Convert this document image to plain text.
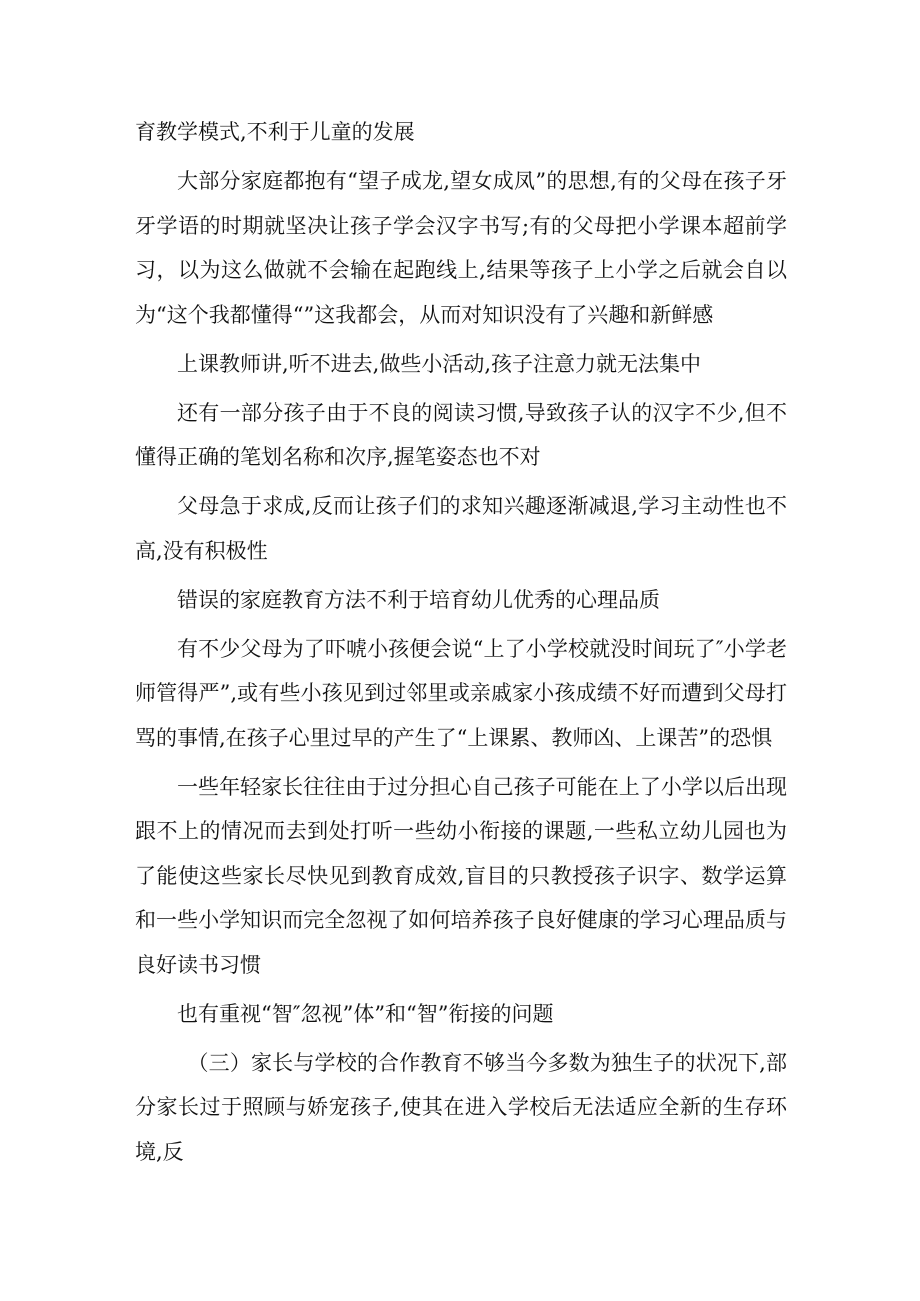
育教学模式,不利于儿童的发展

大部分家庭都抱有“望子成龙,望女成凤”的思想,有的父母在孩子牙牙学语的时期就坚决让孩子学会汉字书写;有的父母把小学课本超前学习，以为这么做就不会输在起跑线上,结果等孩子上小学之后就会自以为“这个我都懂得“”这我都会，从而对知识没有了兴趣和新鲜感

上课教师讲,听不进去,做些小活动,孩子注意力就无法集中

还有一部分孩子由于不良的阅读习惯,导致孩子认的汉字不少,但不懂得正确的笔划名称和次序,握笔姿态也不对

父母急于求成,反而让孩子们的求知兴趣逐渐减退,学习主动性也不高,没有积极性

错误的家庭教育方法不利于培育幼儿优秀的心理品质

有不少父母为了吓唬小孩便会说“上了小学校就没时间玩了″小学老师管得严”,或有些小孩见到过邻里或亲戚家小孩成绩不好而遭到父母打骂的事情,在孩子心里过早的产生了“上课累、教师凶、上课苦”的恐惧

一些年轻家长往往由于过分担心自己孩子可能在上了小学以后出现跟不上的情况而去到处打听一些幼小衔接的课题,一些私立幼儿园也为了能使这些家长尽快见到教育成效,盲目的只教授孩子识字、数学运算和一些小学知识而完全忽视了如何培养孩子良好健康的学习心理品质与良好读书习惯

也有重视“智″忽视”体”和“智”衔接的问题

（三）家长与学校的合作教育不够当今多数为独生子的状况下,部分家长过于照顾与娇宠孩子,使其在进入学校后无法适应全新的生存环境,反
